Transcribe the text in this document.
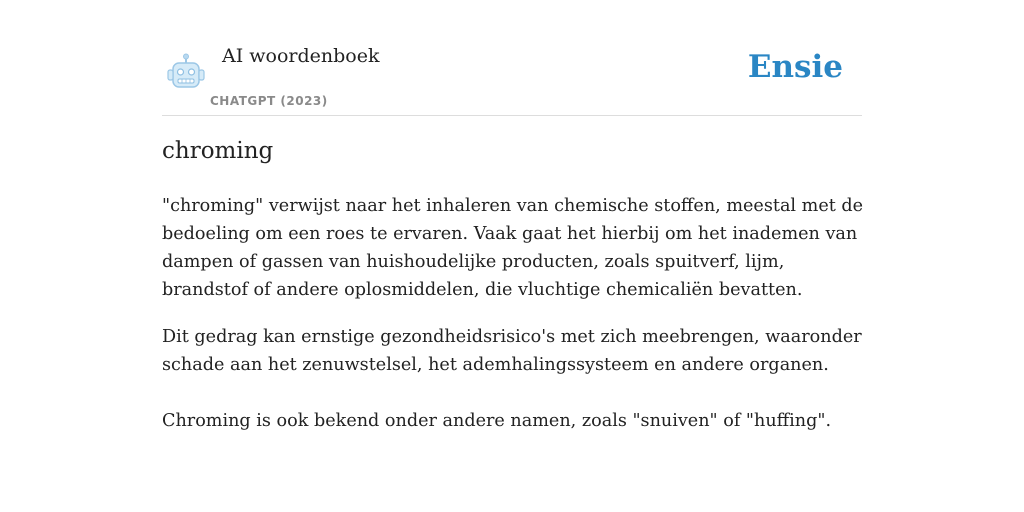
AI woordenboek
CHATGPT (2023)
Ensie
chroming

"chroming" verwijst naar het inhaleren van chemische stoffen, meestal met de bedoeling om een roes te ervaren. Vaak gaat het hierbij om het inademen van dampen of gassen van huishoudelijke producten, zoals spuitverf, lijm, brandstof of andere oplosmiddelen, die vluchtige chemicaliën bevatten.

Dit gedrag kan ernstige gezondheidsrisico's met zich meebrengen, waaronder schade aan het zenuwstelsel, het ademhalingssysteem en andere organen.

Chroming is ook bekend onder andere namen, zoals "snuiven" of "huffing".
